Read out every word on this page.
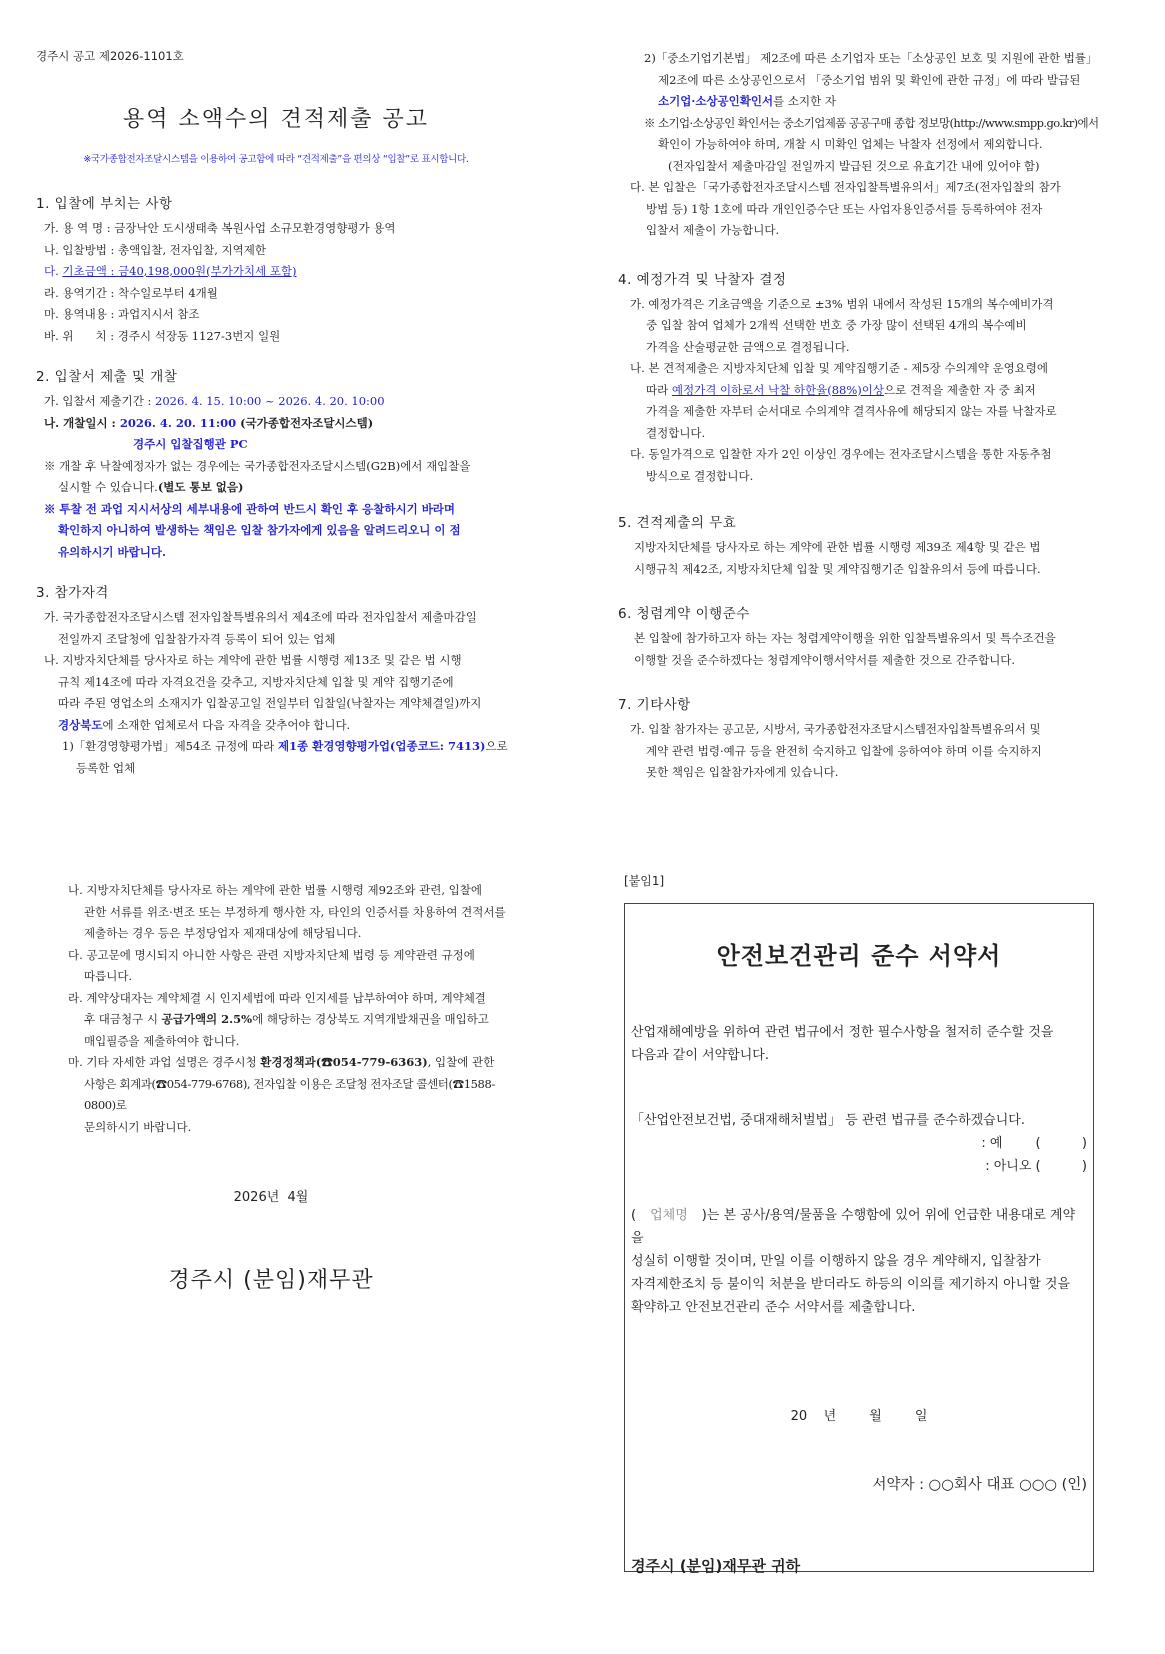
경주시 공고 제2026-1101호

용역 소액수의 견적제출 공고

※국가종합전자조달시스템을 이용하여 공고함에 따라 “견적제출”을 편의상 “입찰”로 표시합니다.

1. 입찰에 부치는 사항

가. 용 역 명 : 금장낙안 도시생태축 복원사업 소규모환경영향평가 용역

나. 입찰방법 : 총액입찰, 전자입찰, 지역제한

다. 기초금액 : 금40,198,000원(부가가치세 포함)

라. 용역기간 : 착수일로부터 4개월

마. 용역내용 : 과업지시서 참조

바. 위      치 : 경주시 석장동 1127-3번지 일원

2. 입찰서 제출 및 개찰

가. 입찰서 제출기간 : 2026. 4. 15. 10:00 ~ 2026. 4. 20. 10:00

나. 개찰일시 : 2026. 4. 20. 11:00 (국가종합전자조달시스템)

경주시 입찰집행관 PC

※ 개찰 후 낙찰예정자가 없는 경우에는 국가종합전자조달시스템(G2B)에서 재입찰을
실시할 수 있습니다.(별도 통보 없음)

※ 투찰 전 과업 지시서상의 세부내용에 관하여 반드시 확인 후 응찰하시기 바라며
확인하지 아니하여 발생하는 책임은 입찰 참가자에게 있음을 알려드리오니 이 점
유의하시기 바랍니다.

3. 참가자격

가. 국가종합전자조달시스템 전자입찰특별유의서 제4조에 따라 전자입찰서 제출마감일
전일까지 조달청에 입찰참가자격 등록이 되어 있는 업체

나. 지방자치단체를 당사자로 하는 계약에 관한 법률 시행령 제13조 및 같은 법 시행
규칙 제14조에 따라 자격요건을 갖추고, 지방자치단체 입찰 및 계약 집행기준에
따라 주된 영업소의 소재지가 입찰공고일 전일부터 입찰일(낙찰자는 계약체결일)까지
경상북도에 소재한 업체로서 다음 자격을 갖추어야 합니다.

1)「환경영향평가법」제54조 규정에 따라 제1종 환경영향평가업(업종코드: 7413)으로
등록한 업체

2)「중소기업기본법」 제2조에 따른 소기업자 또는「소상공인 보호 및 지원에 관한 법률」
제2조에 따른 소상공인으로서 「중소기업 범위 및 확인에 관한 규정」에 따라 발급된
소기업·소상공인확인서를 소지한 자

※ 소기업·소상공인 확인서는 중소기업제품 공공구매 종합 정보망(http://www.smpp.go.kr)에서
확인이 가능하여야 하며, 개찰 시 미확인 업체는 낙찰자 선정에서 제외합니다.
(전자입찰서 제출마감일 전일까지 발급된 것으로 유효기간 내에 있어야 함)

다. 본 입찰은「국가종합전자조달시스템 전자입찰특별유의서」제7조(전자입찰의 참가
방법 등) 1항 1호에 따라 개인인증수단 또는 사업자용인증서를 등록하여야 전자
입찰서 제출이 가능합니다.

4. 예정가격 및 낙찰자 결정

가. 예정가격은 기초금액을 기준으로 ±3% 범위 내에서 작성된 15개의 복수예비가격
중 입찰 참여 업체가 2개씩 선택한 번호 중 가장 많이 선택된 4개의 복수예비
가격을 산술평균한 금액으로 결정됩니다.

나. 본 견적제출은 지방자치단체 입찰 및 계약집행기준 - 제5장 수의계약 운영요령에
따라 예정가격 이하로서 낙찰 하한율(88%)이상으로 견적을 제출한 자 중 최저
가격을 제출한 자부터 순서대로 수의계약 결격사유에 해당되지 않는 자를 낙찰자로
결정합니다.

다. 동일가격으로 입찰한 자가 2인 이상인 경우에는 전자조달시스템을 통한 자동추첨
방식으로 결정합니다.

5. 견적제출의 무효

지방자치단체를 당사자로 하는 계약에 관한 법률 시행령 제39조 제4항 및 같은 법

시행규칙 제42조, 지방자치단체 입찰 및 계약집행기준 입찰유의서 등에 따릅니다.

6. 청렴계약 이행준수

본 입찰에 참가하고자 하는 자는 청렴계약이행을 위한 입찰특별유의서 및 특수조건을

이행할 것을 준수하겠다는 청렴계약이행서약서를 제출한 것으로 간주합니다.

7. 기타사항

가. 입찰 참가자는 공고문, 시방서, 국가종합전자조달시스템전자입찰특별유의서 및
계약 관련 법령·예규 등을 완전히 숙지하고 입찰에 응하여야 하며 이를 숙지하지
못한 책임은 입찰참가자에게 있습니다.

나. 지방자치단체를 당사자로 하는 계약에 관한 법률 시행령 제92조와 관련, 입찰에
관한 서류를 위조·변조 또는 부정하게 행사한 자, 타인의 인증서를 차용하여 견적서를
제출하는 경우 등은 부정당업자 제재대상에 해당됩니다.

다. 공고문에 명시되지 아니한 사항은 관련 지방자치단체 법령 등 계약관련 규정에
따릅니다.

라. 계약상대자는 계약체결 시 인지세법에 따라 인지세를 납부하여야 하며, 계약체결
후 대금청구 시 공급가액의 2.5%에 해당하는 경상북도 지역개발채권을 매입하고
매입필증을 제출하여야 합니다.

마. 기타 자세한 과업 설명은 경주시청 환경정책과(☎054-779-6363), 입찰에 관한
사항은 회계과(☎054-779-6768), 전자입찰 이용은 조달청 전자조달 콜센터(☎1588-0800)로
문의하시기 바랍니다.

2026년  4월

경주시 (분임)재무관

[붙임1]

안전보건관리 준수 서약서

산업재해예방을 위하여 관련 법규에서 정한 필수사항을 철저히 준수할 것을
다음과 같이 서약합니다.

「산업안전보건법, 중대재해처벌법」 등 관련 법규를 준수하겠습니다.

: 예        (          )

: 아니오 (          )

( 업체명 )는 본 공사/용역/물품을 수행함에 있어 위에 언급한 내용대로 계약을
성실히 이행할 것이며, 만일 이를 이행하지 않을 경우 계약해지, 입찰참가
자격제한조치 등 불이익 처분을 받더라도 하등의 이의를 제기하지 아니할 것을
확약하고 안전보건관리 준수 서약서를 제출합니다.

20    년        월        일

서약자 : ○○회사 대표 ○○○ (인)

경주시 (분임)재무관 귀하
